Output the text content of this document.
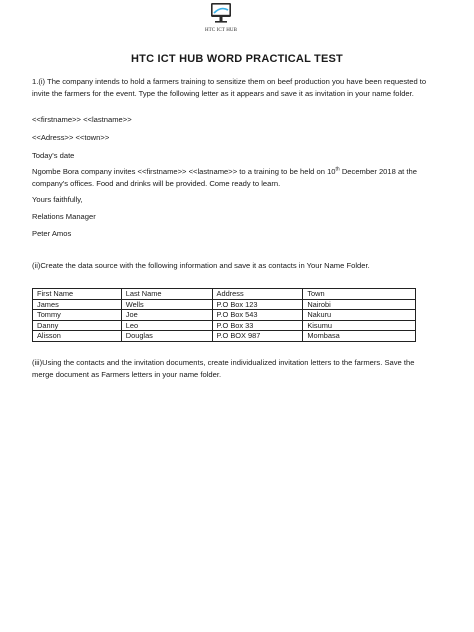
HTC ICT HUB
HTC ICT HUB WORD PRACTICAL TEST

1.(i) The company intends to hold a farmers training to sensitize them on beef production you have been requested to invite the farmers for the event. Type the following letter as it appears and save it as invitation in your name folder.

<<firstname>> <<lastname>>

<<Adress>> <<town>>

Today's date

Ngombe Bora company invites <<firstname>> <<lastname>> to a training to be held on 10th December 2018 at the company's offices. Food and drinks will be provided. Come ready to learn.

Yours faithfully,

Relations Manager

Peter Amos

(ii)Create the data source with the following information and save it as contacts in Your Name Folder.

First Name	Last Name	Address	Town
James	Wells	P.O Box 123	Nairobi
Tommy	Joe	P.O Box 543	Nakuru
Danny	Leo	P.O Box 33	Kisumu
Alisson	Douglas	P.O BOX 987	Mombasa

(iii)Using the contacts and the invitation documents, create individualized invitation letters to the farmers. Save the merge document as Farmers letters in your name folder.
